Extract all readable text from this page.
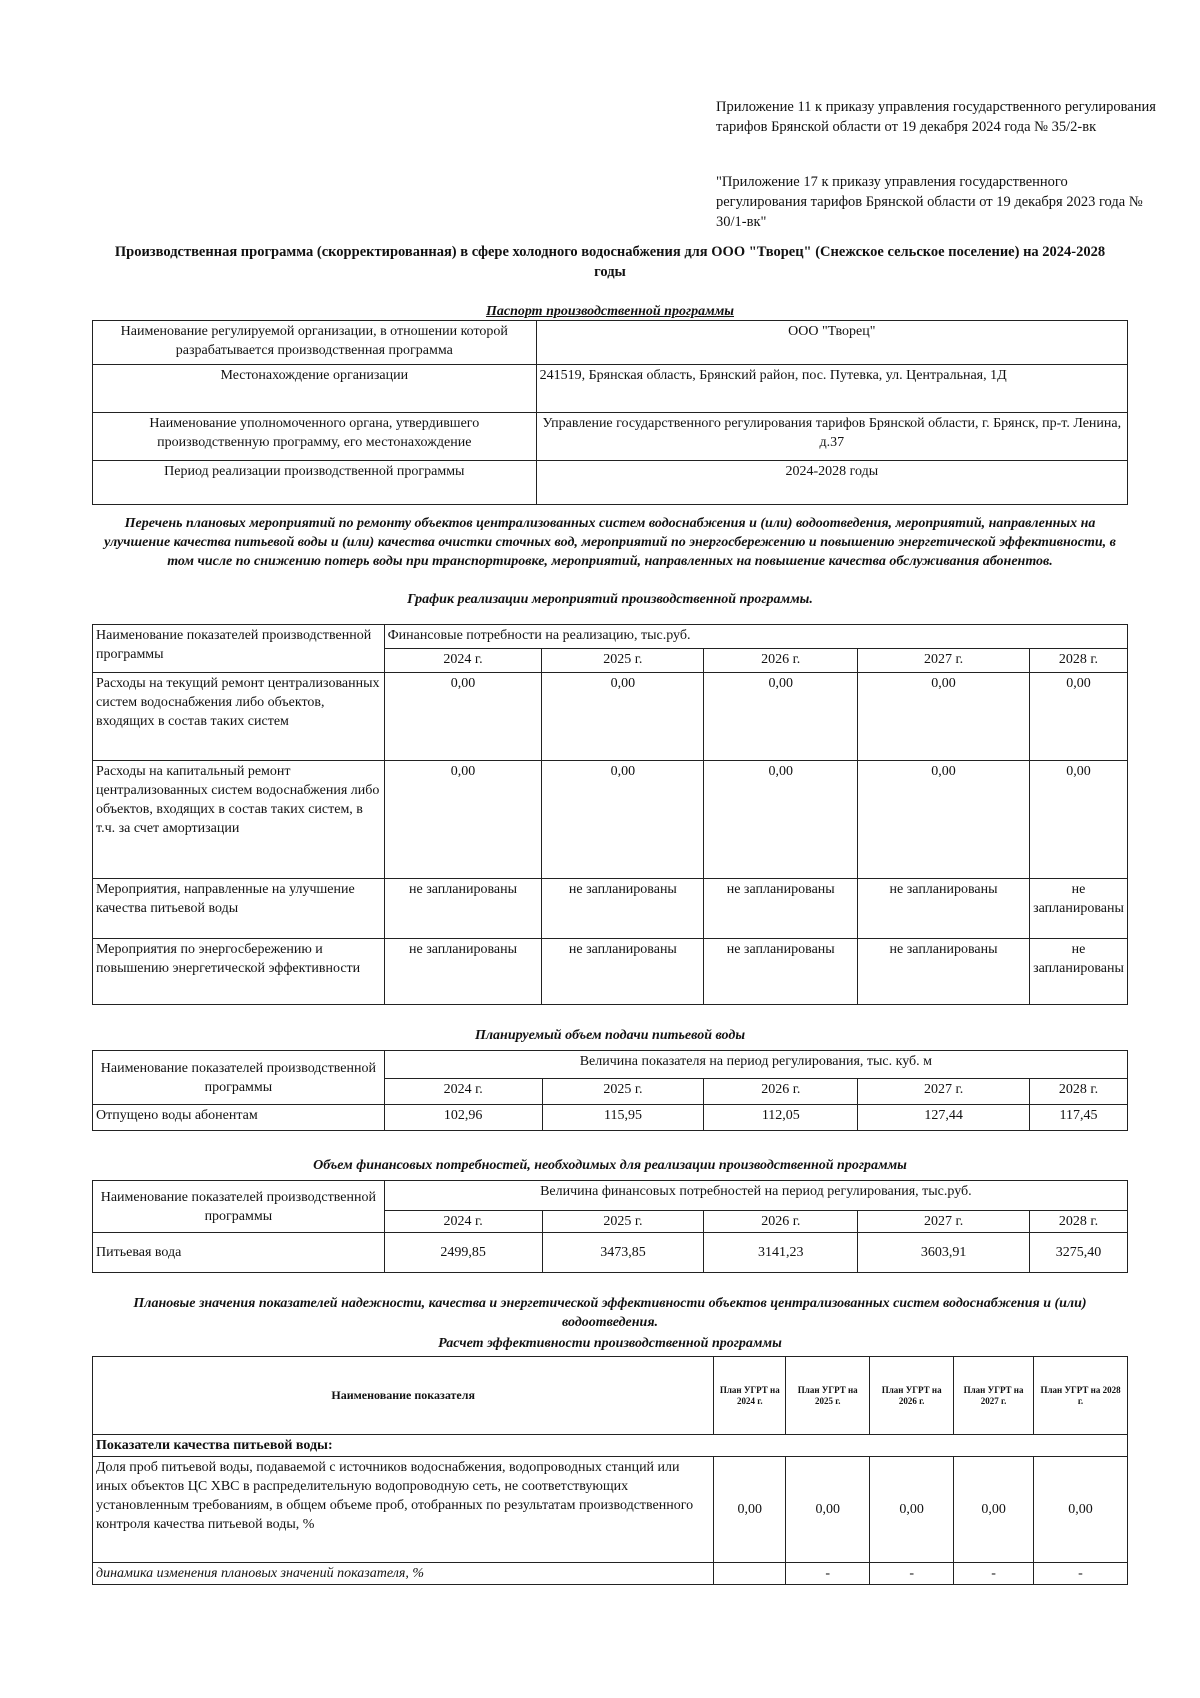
Приложение 11 к приказу управления государственного регулирования тарифов Брянской области от 19 декабря 2024 года № 35/2-вк
"Приложение 17 к приказу управления государственного регулирования тарифов Брянской области от 19 декабря 2023 года № 30/1-вк"
Производственная программа (скорректированная) в сфере холодного водоснабжения для ООО "Творец" (Снежское сельское поселение) на 2024-2028 годы
Паспорт производственной программы
Наименование регулируемой организации, в отношении которой разрабатывается производственная программа	ООО "Творец"
Местонахождение организации	241519, Брянская область, Брянский район, пос. Путевка, ул. Центральная, 1Д
Наименование уполномоченного органа, утвердившего производственную программу, его местонахождение	Управление государственного регулирования тарифов Брянской области, г. Брянск, пр-т. Ленина, д.37
Период реализации производственной программы	2024-2028 годы
Перечень плановых мероприятий по ремонту объектов централизованных систем водоснабжения и (или) водоотведения, мероприятий, направленных на улучшение качества питьевой воды и (или) качества очистки сточных вод, мероприятий по энергосбережению и повышению энергетической эффективности, в том числе по снижению потерь воды при транспортировке, мероприятий, направленных на повышение качества обслуживания абонентов.
График реализации мероприятий производственной программы.
Наименование показателей производственной программы	Финансовые потребности на реализацию, тыс.руб.				
	2024 г.	2025 г.	2026 г.	2027 г.	2028 г.
Расходы на текущий ремонт централизованных систем водоснабжения либо объектов, входящих в состав таких систем	0,00	0,00	0,00	0,00	0,00
Расходы на капитальный ремонт централизованных систем водоснабжения либо объектов, входящих в состав таких систем, в т.ч. за счет амортизации	0,00	0,00	0,00	0,00	0,00
Мероприятия, направленные на улучшение качества питьевой воды	не запланированы	не запланированы	не запланированы	не запланированы	не запланированы
Мероприятия по энергосбережению и повышению энергетической эффективности	не запланированы	не запланированы	не запланированы	не запланированы	не запланированы
Планируемый объем подачи питьевой воды
Наименование показателей производственной программы	Величина показателя на период регулирования, тыс. куб. м				
	2024 г.	2025 г.	2026 г.	2027 г.	2028 г.
Отпущено воды абонентам	102,96	115,95	112,05	127,44	117,45
Объем финансовых потребностей, необходимых для реализации производственной программы
Наименование показателей производственной программы	Величина финансовых потребностей на период регулирования, тыс.руб.				
	2024 г.	2025 г.	2026 г.	2027 г.	2028 г.
Питьевая вода	2499,85	3473,85	3141,23	3603,91	3275,40
Плановые значения показателей надежности, качества и энергетической эффективности объектов централизованных систем водоснабжения и (или) водоотведения.
Расчет эффективности производственной программы
Наименование показателя	План УГРТ на 2024 г.	План УГРТ на 2025 г.	План УГРТ на 2026 г.	План УГРТ на 2027 г.	План УГРТ на 2028 г.
Показатели качества питьевой воды:					
Доля проб питьевой воды, подаваемой с источников водоснабжения, водопроводных станций или иных объектов ЦС ХВС в распределительную водопроводную сеть, не соответствующих установленным требованиям, в общем объеме проб, отобранных по результатам производственного контроля качества питьевой воды, %	0,00	0,00	0,00	0,00	0,00
динамика изменения плановых значений показателя, %		-	-	-	-
